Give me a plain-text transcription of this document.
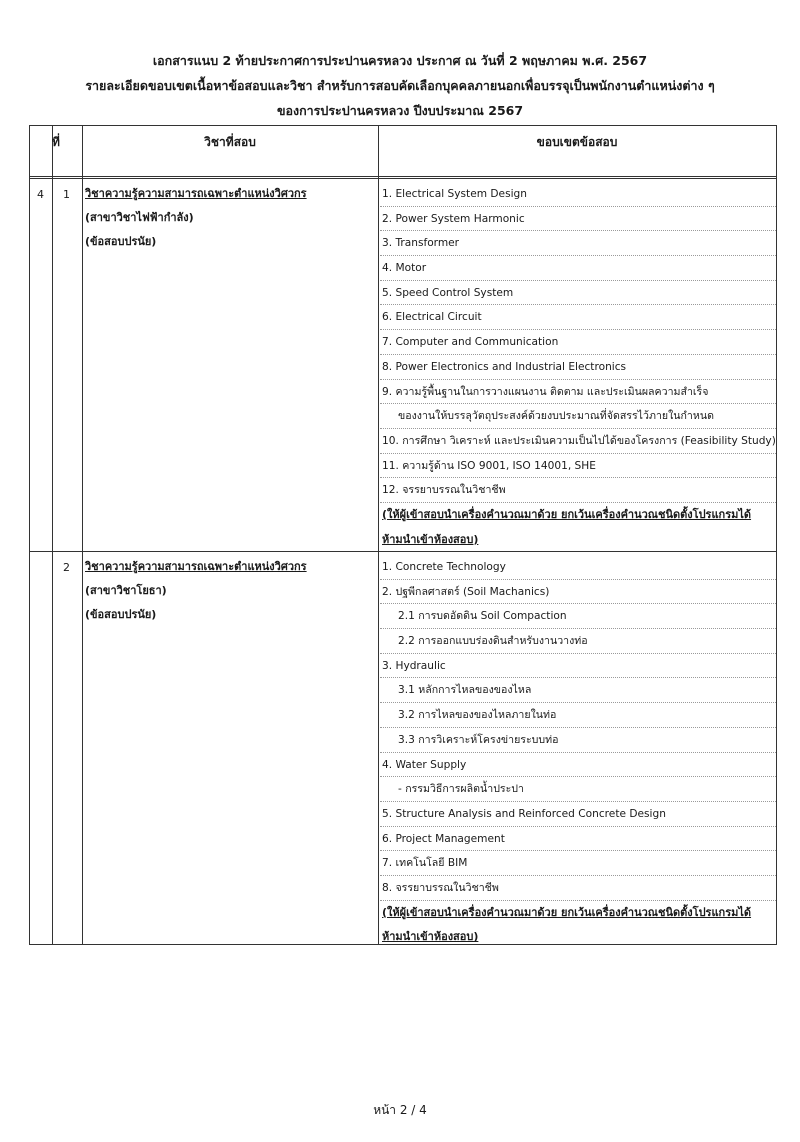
เอกสารแนบ 2 ท้ายประกาศการประปานครหลวง ประกาศ ณ วันที่ 2 พฤษภาคม พ.ศ. 2567
รายละเอียดขอบเขตเนื้อหาข้อสอบและวิชา สำหรับการสอบคัดเลือกบุคคลภายนอกเพื่อบรรจุเป็นพนักงานตำแหน่งต่าง ๆ
ของการประปานครหลวง ปีงบประมาณ 2567
ที่	วิชาที่สอบ	ขอบเขตข้อสอบ
4 1 วิชาความรู้ความสามารถเฉพาะตำแหน่งวิศวกร
(สาขาวิชาไฟฟ้ากำลัง)
(ข้อสอบปรนัย)
1. Electrical System Design
2. Power System Harmonic
3. Transformer
4. Motor
5. Speed Control System
6. Electrical Circuit
7. Computer and Communication
8. Power Electronics and Industrial Electronics
9. ความรู้พื้นฐานในการวางแผนงาน ติดตาม และประเมินผลความสำเร็จ
ของงานให้บรรลุวัตถุประสงค์ด้วยงบประมาณที่จัดสรรไว้ภายในกำหนด
10. การศึกษา วิเคราะห์ และประเมินความเป็นไปได้ของโครงการ (Feasibility Study)
11. ความรู้ด้าน ISO 9001, ISO 14001, SHE
12. จรรยาบรรณในวิชาชีพ
(ให้ผู้เข้าสอบนำเครื่องคำนวณมาด้วย ยกเว้นเครื่องคำนวณชนิดตั้งโปรแกรมได้
ห้ามนำเข้าห้องสอบ)
2 วิชาความรู้ความสามารถเฉพาะตำแหน่งวิศวกร
(สาขาวิชาโยธา)
(ข้อสอบปรนัย)
1. Concrete Technology
2. ปฐพีกลศาสตร์ (Soil Machanics)
2.1 การบดอัดดิน Soil Compaction
2.2 การออกแบบร่องดินสำหรับงานวางท่อ
3. Hydraulic
3.1 หลักการไหลของของไหล
3.2 การไหลของของไหลภายในท่อ
3.3 การวิเคราะห์โครงข่ายระบบท่อ
4. Water Supply
- กรรมวิธีการผลิตน้ำประปา
5. Structure Analysis and Reinforced Concrete Design
6. Project Management
7. เทคโนโลยี BIM
8. จรรยาบรรณในวิชาชีพ
(ให้ผู้เข้าสอบนำเครื่องคำนวณมาด้วย ยกเว้นเครื่องคำนวณชนิดตั้งโปรแกรมได้
ห้ามนำเข้าห้องสอบ)
หน้า 2 / 4
